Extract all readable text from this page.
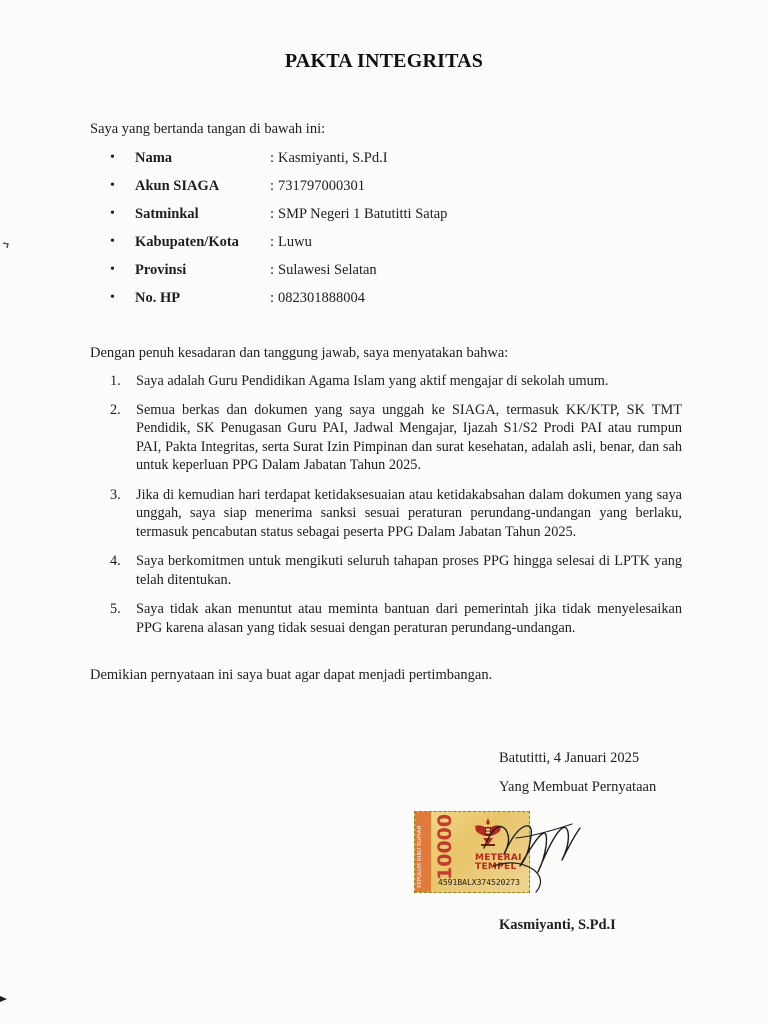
PAKTA INTEGRITAS
Saya yang bertanda tangan di bawah ini:
• Nama	: Kasmiyanti, S.Pd.I
• Akun SIAGA	: 731797000301
• Satminkal	: SMP Negeri 1 Batutitti Satap
• Kabupaten/Kota : Luwu
• Provinsi	: Sulawesi Selatan
• No. HP	: 082301888004
Dengan penuh kesadaran dan tanggung jawab, saya menyatakan bahwa:
1. Saya adalah Guru Pendidikan Agama Islam yang aktif mengajar di sekolah umum.
2. Semua berkas dan dokumen yang saya unggah ke SIAGA, termasuk KK/KTP, SK TMT Pendidik, SK Penugasan Guru PAI, Jadwal Mengajar, Ijazah S1/S2 Prodi PAI atau rumpun PAI, Pakta Integritas, serta Surat Izin Pimpinan dan surat kesehatan, adalah asli, benar, dan sah untuk keperluan PPG Dalam Jabatan Tahun 2025.
3. Jika di kemudian hari terdapat ketidaksesuaian atau ketidakabsahan dalam dokumen yang saya unggah, saya siap menerima sanksi sesuai peraturan perundang-undangan yang berlaku, termasuk pencabutan status sebagai peserta PPG Dalam Jabatan Tahun 2025.
4. Saya berkomitmen untuk mengikuti seluruh tahapan proses PPG hingga selesai di LPTK yang telah ditentukan.
5. Saya tidak akan menuntut atau meminta bantuan dari pemerintah jika tidak menyelesaikan PPG karena alasan yang tidak sesuai dengan peraturan perundang-undangan.
Demikian pernyataan ini saya buat agar dapat menjadi pertimbangan.
Batutitti, 4 Januari 2025
Yang Membuat Pernyataan
SEPULUH RIBU RUPIAH 10000 METERAI
TEMPEL
4591BALX374520273
Kasmiyanti, S.Pd.I
